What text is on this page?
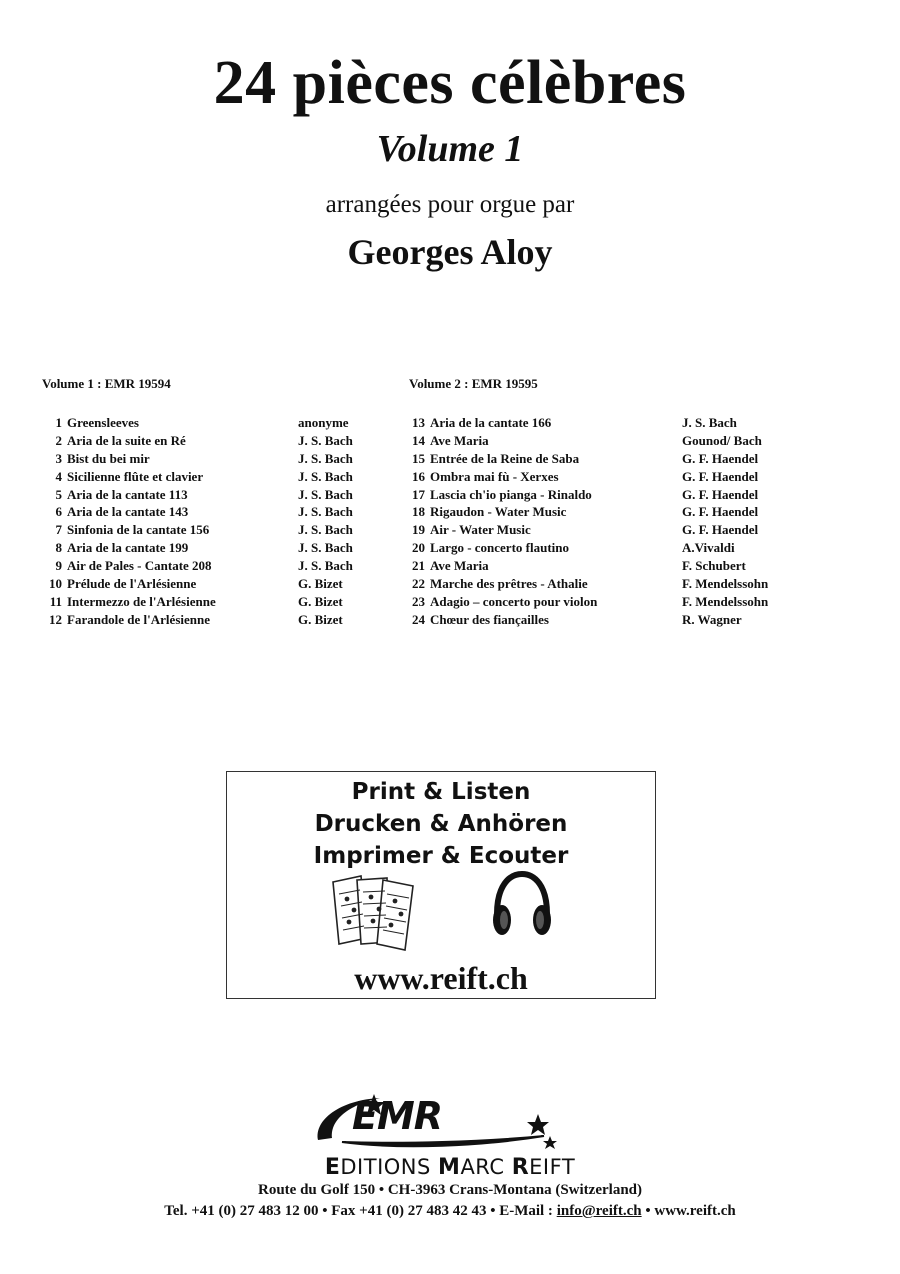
24 pièces célèbres
Volume 1
arrangées pour orgue par
Georges Aloy
Volume 1 : EMR 19594	Volume 2 : EMR 19595
1 Greensleeves	anonyme
2 Aria de la suite en Ré	J. S. Bach
3 Bist du bei mir	J. S. Bach
4 Sicilienne flûte et clavier	J. S. Bach
5 Aria de la cantate 113	J. S. Bach
6 Aria de la cantate 143	J. S. Bach
7 Sinfonia de la cantate 156	J. S. Bach
8 Aria de la cantate 199	J. S. Bach
9 Air de Pales - Cantate 208	J. S. Bach
10 Prélude de l'Arlésienne	G. Bizet
11 Intermezzo de l'Arlésienne	G. Bizet
12 Farandole de l'Arlésienne	G. Bizet
13 Aria de la cantate 166	J. S. Bach
14 Ave Maria	Gounod/ Bach
15 Entrée de la Reine de Saba	G. F. Haendel
16 Ombra mai fù - Xerxes	G. F. Haendel
17 Lascia ch'io pianga - Rinaldo	G. F. Haendel
18 Rigaudon - Water Music	G. F. Haendel
19 Air - Water Music	G. F. Haendel
20 Largo - concerto flautino	A.Vivaldi
21 Ave Maria	F. Schubert
22 Marche des prêtres - Athalie	F. Mendelssohn
23 Adagio – concerto pour violon	F. Mendelssohn
24 Chœur des fiançailles	R. Wagner
Print & Listen
Drucken & Anhören
Imprimer & Ecouter
www.reift.ch
EMR
EDITIONS MARC REIFT
Route du Golf 150 • CH-3963 Crans-Montana (Switzerland)
Tel. +41 (0) 27 483 12 00 • Fax +41 (0) 27 483 42 43 • E-Mail : info@reift.ch • www.reift.ch
